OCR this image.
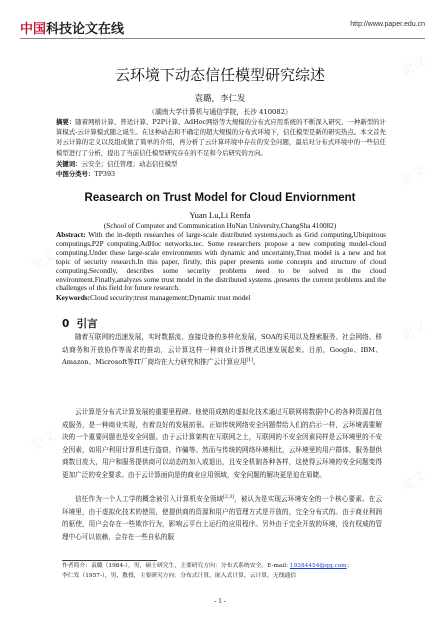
论文
论文
论文
论文
论文
论文
中国科技论文在线	http://www.paper.edu.cn
云环境下动态信任模型研究综述
袁璐，李仁发
（湖南大学计算机与通信学院，长沙 410082）
摘要：随着网格计算、普适计算、P2P计算、AdHoc网络等大规模的分布式应用系统的不断深入研究，一种新型的计算模式-云计算模式随之诞生。在这种动态和不确定的超大规模的分布式环境下，信任模型是新的研究热点。本文首先对云计算的定义以及组成做了简单的介绍，再分析了云计算环境中存在的安全问题，最后对分布式环境中的一些信任模型进行了分析，提出了当前信任模型研究存在的不足和今后研究的方向。
关键词：云安全；信任管理；动态信任模型
中图分类号：TP393
Reasearch on Trust Model for Cloud Enviornment
Yuan Lu,Li Renfa
(School of Computer and Communication HuNan University,ChangSha 410082)
Abstract: With the in-depth researches of large-scale distributed systems,such as Grid computing,Ubiquitous computings,P2P computing,AdHoc networks.tec. Some researchers propose a new computing model-cloud computing.Under these large-scale environments with dynamic and uncertainty,Trust model is a new and hot topic of security research.In this paper, firstly, this paper presents some concepts and structure of cloud computing.Secondly, describes some security problems need to be solved in the cloud environment.Finally,analyzes some trust model in the distributed systems ,presents the current problems and the challenges of this field for future research.
Keywords:Cloud security;trust management;Dynamic trust model
0 引言
随着互联网的迅速发展，实时数据流、连接设备的多样化发展，SOA的采用以及搜索服务、社会网络、移动商务和开放协作等需求的推动，云计算这样一种商业计算模式迅速发展起来。目前，Google、IBM、Amazon、Microsoft等IT厂商均在大力研究和推广云计算应用[1]。
云计算是分布式计算发展的重要里程碑。他使用成熟的虚拟化技术通过互联网将数据中心的各种资源打包成服务，是一种商业实现，有着良好的发展前景。正如传统网络安全问题带给人们的启示一样，云环境需要解决的一个重要问题也是安全问题。由于云计算架构在互联网之上，互联网的不安全因素同样是云环境里的不安全因素，如用户利用计算机进行盗窃，诈骗等。然而与传统的网络环境相比，云环境里的用户群体，服务提供商数目庞大，用户和服务提供商可以动态的加入或退出，且安全机制各种各样，这使得云环境的安全问题变得更加广泛的安全要求。由于云计算面向是的商业应用领域，安全问题的解决更是迫在眉睫。
信任作为一个人工学的概念被引入计算机安全领域[2,3]，被认为是实现云环境安全的一个核心要素。在云环境里，由于虚拟化技术的使用，使提供商的资源和用户的管理方式是开放的，完全分布式的。由于商业利润的驱使，用户会存在一些欺诈行为，影响云平台上运行的应用程序。另外由于完全开放的环境，没有权威的管理中心可以依赖，会存在一些自私的服
作者简介：袁璐（1984-），男，硕士研究生，主要研究方向：分布式系统安全。E-mail: 19384454@qq.com；
李仁发（1957-），男，教授，主要研究方向：分布式计算，嵌入式计算，云计算，无线通信
- 1 -
